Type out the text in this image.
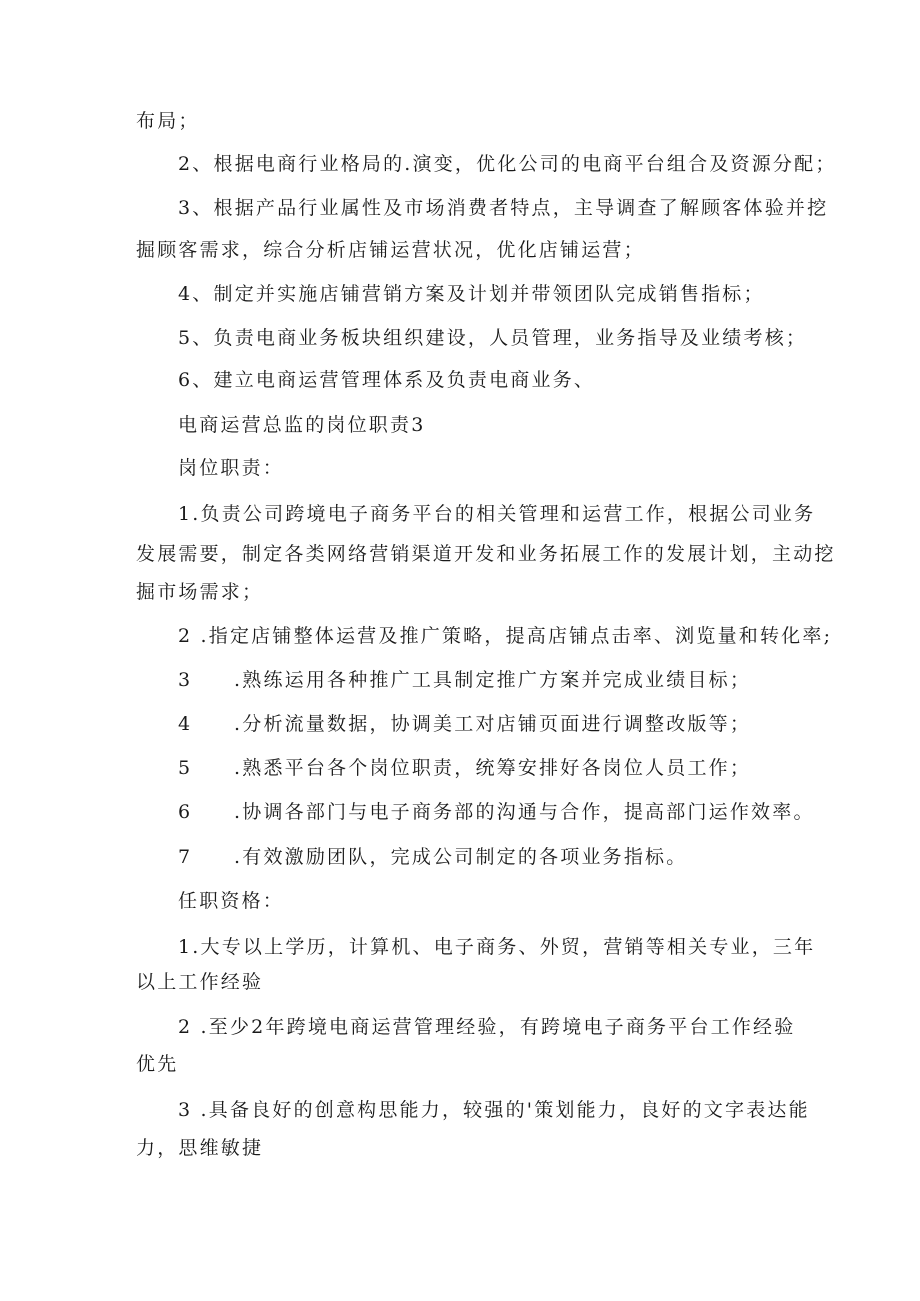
布局；
2、根据电商行业格局的.演变，优化公司的电商平台组合及资源分配；
3、根据产品行业属性及市场消费者特点，主导调查了解顾客体验并挖
掘顾客需求，综合分析店铺运营状况，优化店铺运营；
4、制定并实施店铺营销方案及计划并带领团队完成销售指标；
5、负责电商业务板块组织建设，人员管理，业务指导及业绩考核；
6、建立电商运营管理体系及负责电商业务、
电商运营总监的岗位职责3
岗位职责：
1.负责公司跨境电子商务平台的相关管理和运营工作，根据公司业务
发展需要，制定各类网络营销渠道开发和业务拓展工作的发展计划，主动挖
掘市场需求；
2 .指定店铺整体运营及推广策略，提高店铺点击率、浏览量和转化率;
3 .熟练运用各种推广工具制定推广方案并完成业绩目标；
4 .分析流量数据，协调美工对店铺页面进行调整改版等；
5 .熟悉平台各个岗位职责，统筹安排好各岗位人员工作；
6 .协调各部门与电子商务部的沟通与合作，提高部门运作效率。
7 .有效激励团队，完成公司制定的各项业务指标。
任职资格：
1.大专以上学历，计算机、电子商务、外贸，营销等相关专业，三年
以上工作经验
2 .至少2年跨境电商运营管理经验，有跨境电子商务平台工作经验
优先
3 .具备良好的创意构思能力，较强的'策划能力，良好的文字表达能
力，思维敏捷
